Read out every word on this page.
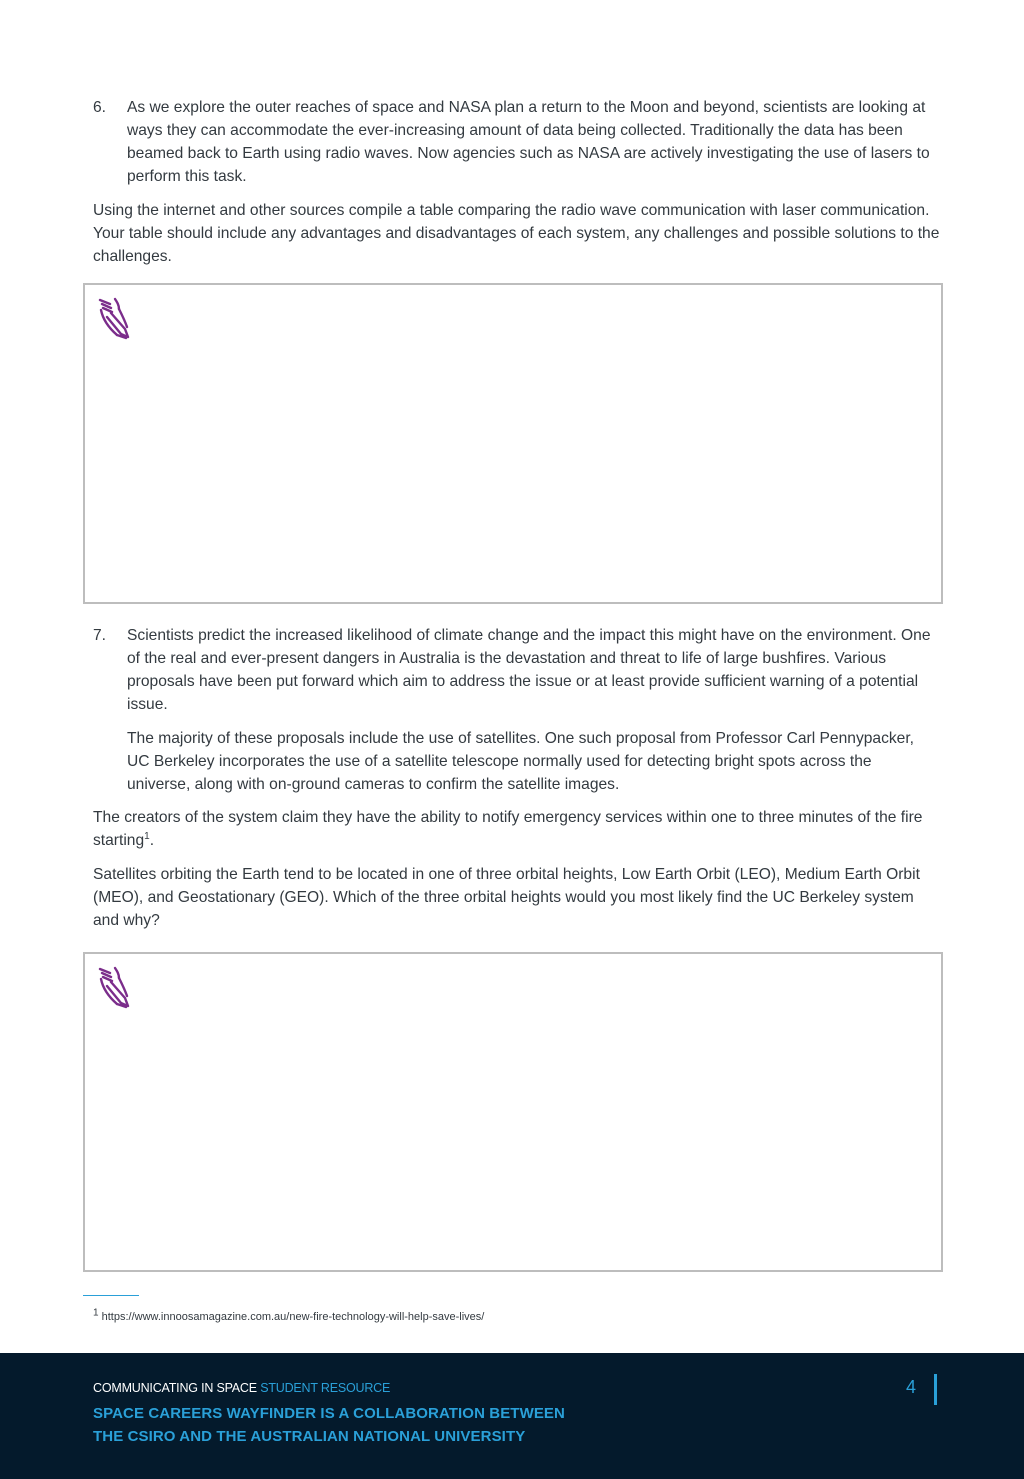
6. As we explore the outer reaches of space and NASA plan a return to the Moon and beyond, scientists are looking at ways they can accommodate the ever-increasing amount of data being collected. Traditionally the data has been beamed back to Earth using radio waves. Now agencies such as NASA are actively investigating the use of lasers to perform this task.

Using the internet and other sources compile a table comparing the radio wave communication with laser communication. Your table should include any advantages and disadvantages of each system, any challenges and possible solutions to the challenges.

7. Scientists predict the increased likelihood of climate change and the impact this might have on the environment. One of the real and ever-present dangers in Australia is the devastation and threat to life of large bushfires. Various proposals have been put forward which aim to address the issue or at least provide sufficient warning of a potential issue.

The majority of these proposals include the use of satellites. One such proposal from Professor Carl Pennypacker, UC Berkeley incorporates the use of a satellite telescope normally used for detecting bright spots across the universe, along with on-ground cameras to confirm the satellite images.

The creators of the system claim they have the ability to notify emergency services within one to three minutes of the fire starting$^1$.

Satellites orbiting the Earth tend to be located in one of three orbital heights, Low Earth Orbit (LEO), Medium Earth Orbit (MEO), and Geostationary (GEO). Which of the three orbital heights would you most likely find the UC Berkeley system and why?

$^1$ https://www.innoosamagazine.com.au/new-fire-technology-will-help-save-lives/
COMMUNICATING IN SPACE STUDENT RESOURCE
SPACE CAREERS WAYFINDER IS A COLLABORATION BETWEEN
THE CSIRO AND THE AUSTRALIAN NATIONAL UNIVERSITY
4
